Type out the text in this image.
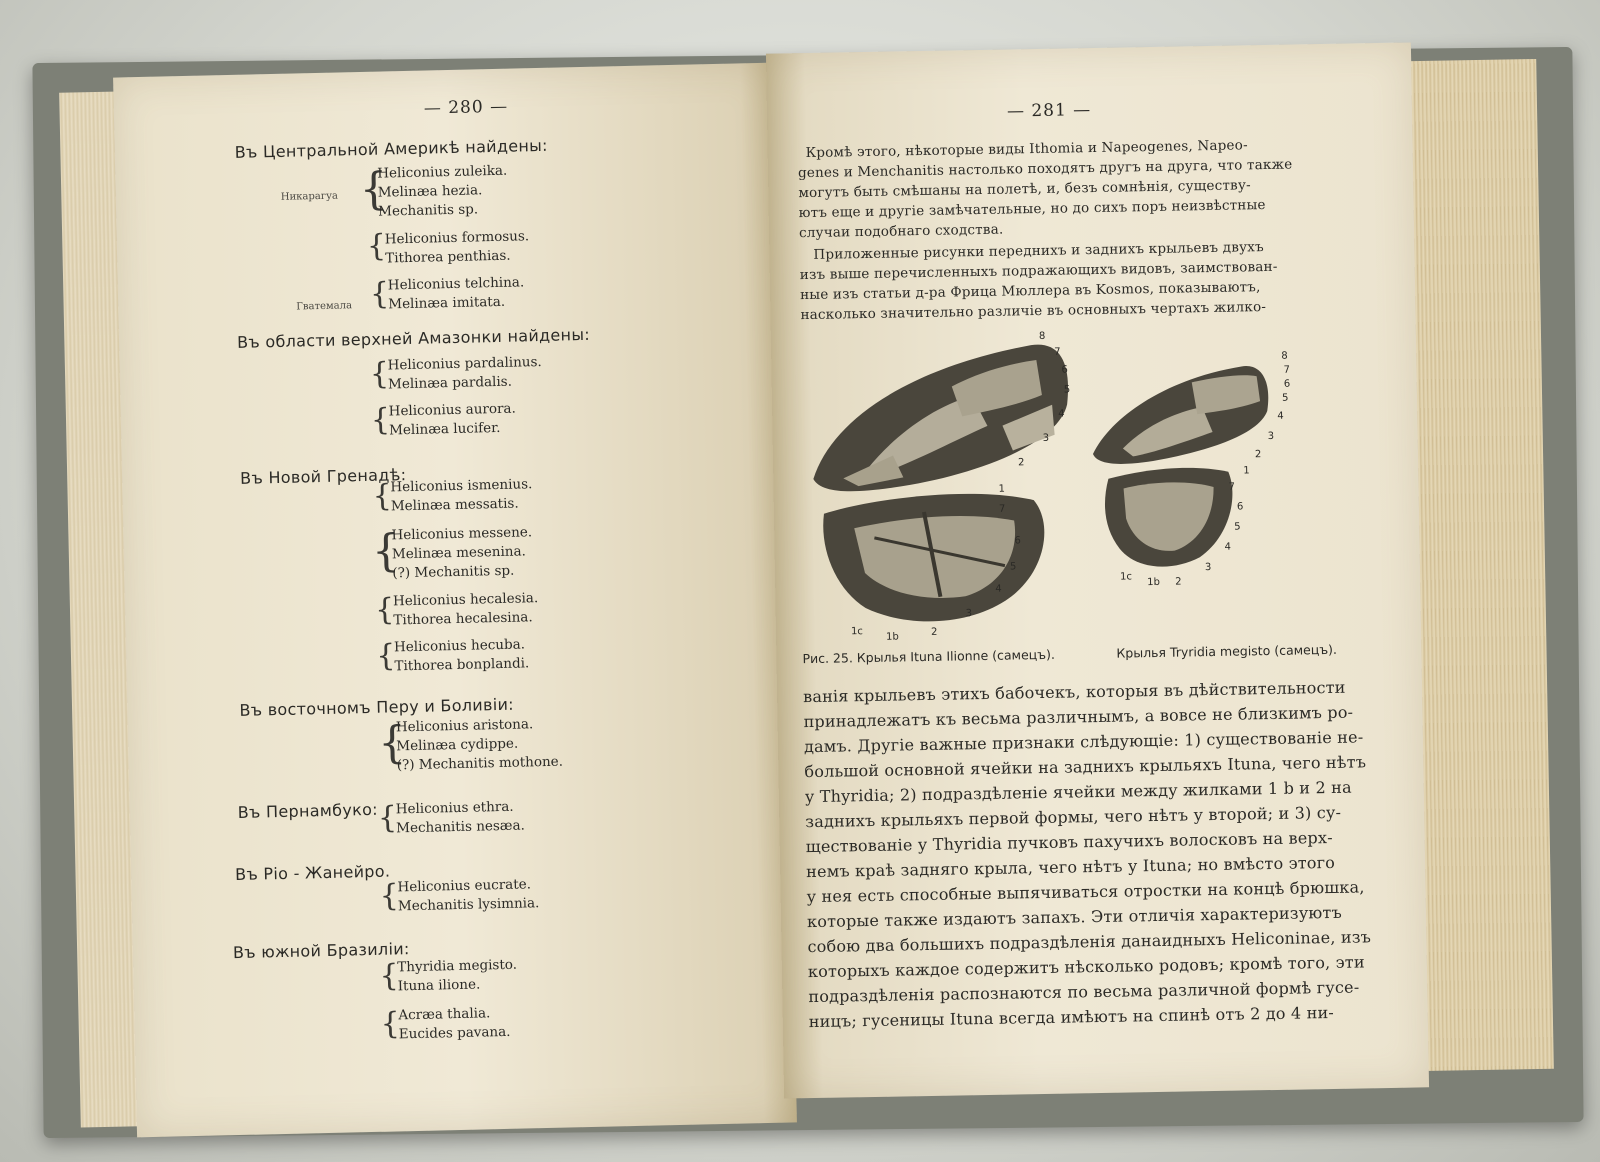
— 280 —
Въ Центральной Америкѣ найдены:
Никарагуа {
Heliconius zuleika.
Melinæa hezia.
Mechanitis sp.
{
Heliconius formosus.
Tithorea penthias.
Гватемала {
Heliconius telchina.
Melinæa imitata.
Въ области верхней Амазонки найдены:
{
Heliconius pardalinus.
Melinæa pardalis.
{
Heliconius aurora.
Melinæa lucifer.
Въ Новой Гренадѣ:
{
Heliconius ismenius.
Melinæa messatis.
{
Heliconius messene.
Melinæa mesenina.
(?) Mechanitis sp.
{
Heliconius hecalesia.
Tithorea hecalesina.
{
Heliconius hecuba.
Tithorea bonplandi.
Въ восточномъ Перу и Боливіи:
{
Heliconius aristona.
Melinæa cydippe.
(?) Mechanitis mothone.
Въ Пернамбуко: {
Heliconius ethra.
Mechanitis nesæa.
Въ Ріо - Жанейро.
{
Heliconius eucrate.
Mechanitis lysimnia.
Въ южной Бразиліи:
{
Thyridia megisto.
Ituna ilione.
{
Acræa thalia.
Eucides pavana.
— 281 —
Кромѣ этого, нѣкоторые виды Ithomia и Napeogenes, Napeo-
genes и Menchanitis настолько походятъ другъ на друга, что также
могутъ быть смѣшаны на полетѣ, и, безъ сомнѣнія, существу-
ютъ еще и другіе замѣчательные, но до сихъ поръ неизвѣстные
случаи подобнаго сходства.
Приложенные рисунки переднихъ и заднихъ крыльевъ двухъ
изъ выше перечисленныхъ подражающихъ видовъ, заимствован-
ные изъ статьи д-ра Фрица Мюллера въ Kosmos, показываютъ,
насколько значительно различіе въ основныхъ чертахъ жилко-
8
7
6
5
4
3
2
1
7
6
5
4
3
2
1b
1c
8
7
6
5
4
3
2
1
7
6
5
4
3
2
1b
1c
Рис. 25. Крылья Ituna Ilionne (самецъ).	Крылья Tryridia megisto (самецъ).
ванія крыльевъ этихъ бабочекъ, которыя въ дѣйствительности
принадлежатъ къ весьма различнымъ, а вовсе не близкимъ ро-
дамъ. Другіе важные признаки слѣдующіе: 1) существованіе не-
большой основной ячейки на заднихъ крыльяхъ Ituna, чего нѣтъ
у Thyridia; 2) подраздѣленіе ячейки между жилками 1 b и 2 на
заднихъ крыльяхъ первой формы, чего нѣтъ у второй; и 3) су-
ществованіе у Thyridia пучковъ пахучихъ волосковъ на верх-
немъ краѣ задняго крыла, чего нѣтъ у Ituna; но вмѣсто этого
у нея есть способные выпячиваться отростки на концѣ брюшка,
которые также издаютъ запахъ. Эти отличія характеризуютъ
собою два большихъ подраздѣленія данаидныхъ Heliconinae, изъ
которыхъ каждое содержитъ нѣсколько родовъ; кромѣ того, эти
подраздѣленія распознаются по весьма различной формѣ гусе-
ницъ; гусеницы Ituna всегда имѣютъ на спинѣ отъ 2 до 4 ни-
